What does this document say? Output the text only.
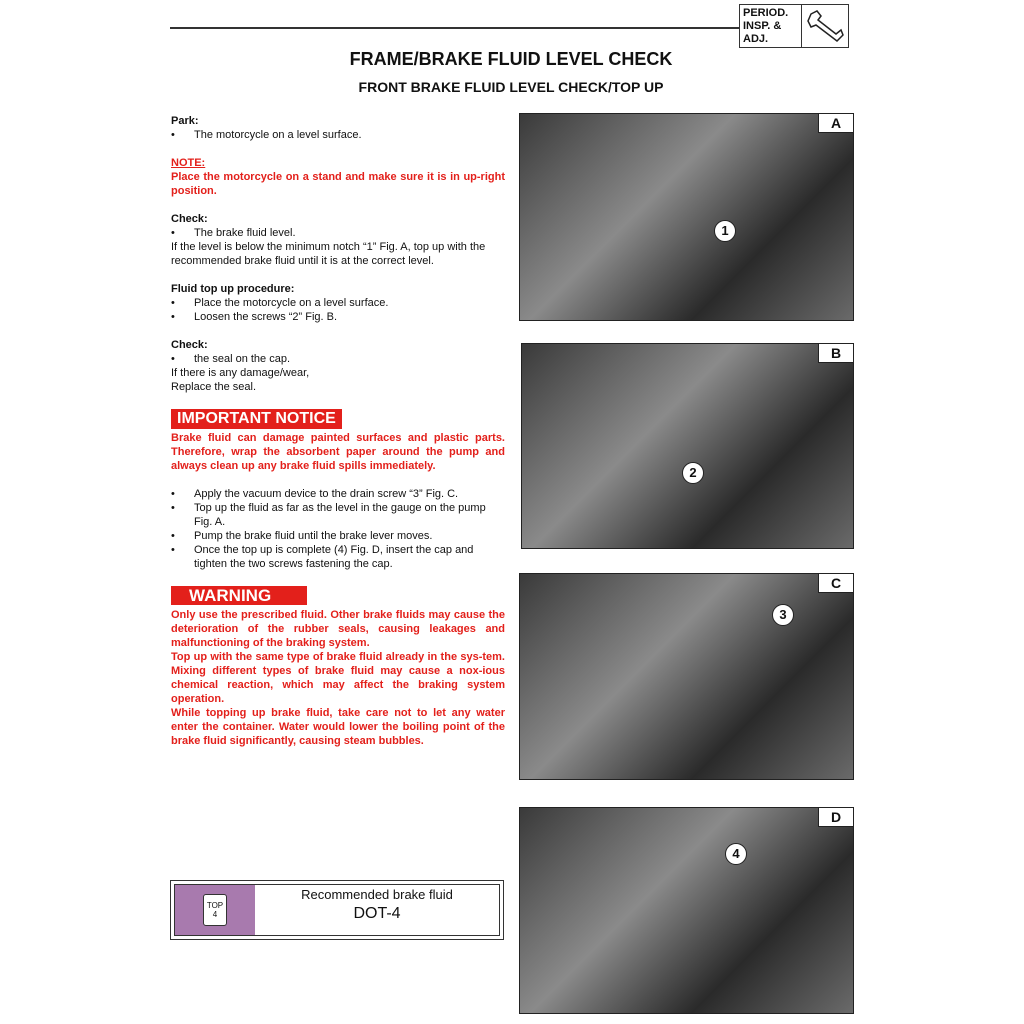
PERIOD.
INSP. &
ADJ.
FRAME/BRAKE FLUID LEVEL CHECK
FRONT BRAKE FLUID LEVEL CHECK/TOP UP
Park:
•	The motorcycle on a level surface.
NOTE:
Place the motorcycle on a stand and make sure it is in up-right position.
Check:
•	The brake fluid level.
If the level is below the minimum notch “1” Fig. A, top up with the recommended brake fluid until it is at the correct level.
Fluid top up procedure:
•	Place the motorcycle on a level surface.
•	Loosen the screws “2” Fig. B.
Check:
•	the seal on the cap.
If there is any damage/wear,
Replace the seal.
IMPORTANT NOTICE
Brake fluid can damage painted surfaces and plastic parts. Therefore, wrap the absorbent paper around the pump and always clean up any brake fluid spills immediately.
•	Apply the vacuum device to the drain screw “3” Fig. C.
•	Top up the fluid as far as the level in the gauge on the pump Fig. A.
•	Pump the brake fluid until the brake lever moves.
•	Once the top up is complete (4) Fig. D, insert the cap and tighten the two screws fastening the cap.
WARNING
Only use the prescribed fluid. Other brake fluids may cause the deterioration of the rubber seals, causing leakages and malfunctioning of the braking system.
Top up with the same type of brake fluid already in the sys-tem. Mixing different types of brake fluid may cause a nox-ious chemical reaction, which may affect the braking system operation.
While topping up brake fluid, take care not to let any water enter the container. Water would lower the boiling point of the brake fluid significantly, causing steam bubbles.
TOP
4
Recommended brake fluid
DOT-4
A
1
B
2
C
3
D
4
